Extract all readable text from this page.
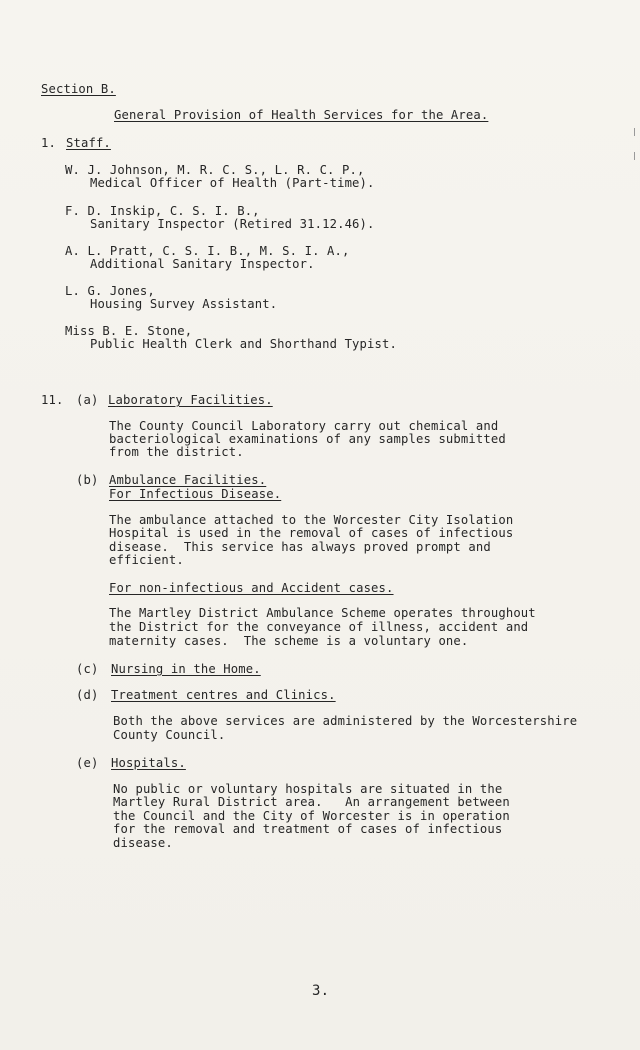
Section B.
General Provision of Health Services for the Area.
1. Staff.
W. J. Johnson, M. R. C. S., L. R. C. P.,
Medical Officer of Health (Part-time).
F. D. Inskip, C. S. I. B.,
Sanitary Inspector (Retired 31.12.46).
A. L. Pratt, C. S. I. B., M. S. I. A.,
Additional Sanitary Inspector.
L. G. Jones,
Housing Survey Assistant.
Miss B. E. Stone,
Public Health Clerk and Shorthand Typist.
11. (a) Laboratory Facilities.
The County Council Laboratory carry out chemical and
bacteriological examinations of any samples submitted
from the district.
(b) Ambulance Facilities.
For Infectious Disease.
The ambulance attached to the Worcester City Isolation
Hospital is used in the removal of cases of infectious
disease.  This service has always proved prompt and
efficient.
For non-infectious and Accident cases.
The Martley District Ambulance Scheme operates throughout
the District for the conveyance of illness, accident and
maternity cases.  The scheme is a voluntary one.
(c) Nursing in the Home.
(d) Treatment centres and Clinics.
Both the above services are administered by the Worcestershire
County Council.
(e) Hospitals.
No public or voluntary hospitals are situated in the
Martley Rural District area.   An arrangement between
the Council and the City of Worcester is in operation
for the removal and treatment of cases of infectious
disease.
3.
